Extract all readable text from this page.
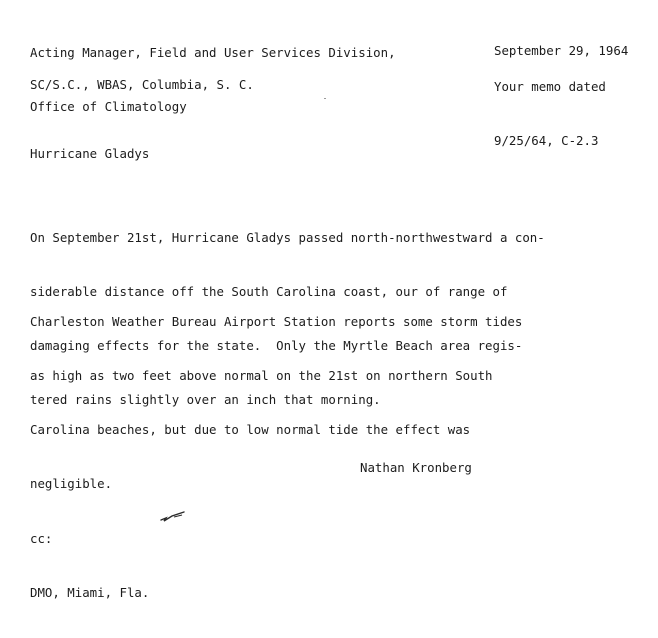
Acting Manager, Field and User Services Division,

Office of Climatology

September 29, 1964

Your memo dated

9/25/64, C-2.3

SC/S.C., WBAS, Columbia, S. C.
Hurricane Gladys

On September 21st, Hurricane Gladys passed north-northwestward a con-

siderable distance off the South Carolina coast, our of range of

damaging effects for the state.  Only the Myrtle Beach area regis-

tered rains slightly over an inch that morning.

Charleston Weather Bureau Airport Station reports some storm tides

as high as two feet above normal on the 21st on northern South

Carolina beaches, but due to low normal tide the effect was

negligible.

Nathan Kronberg

cc:

DMO, Miami, Fla.
